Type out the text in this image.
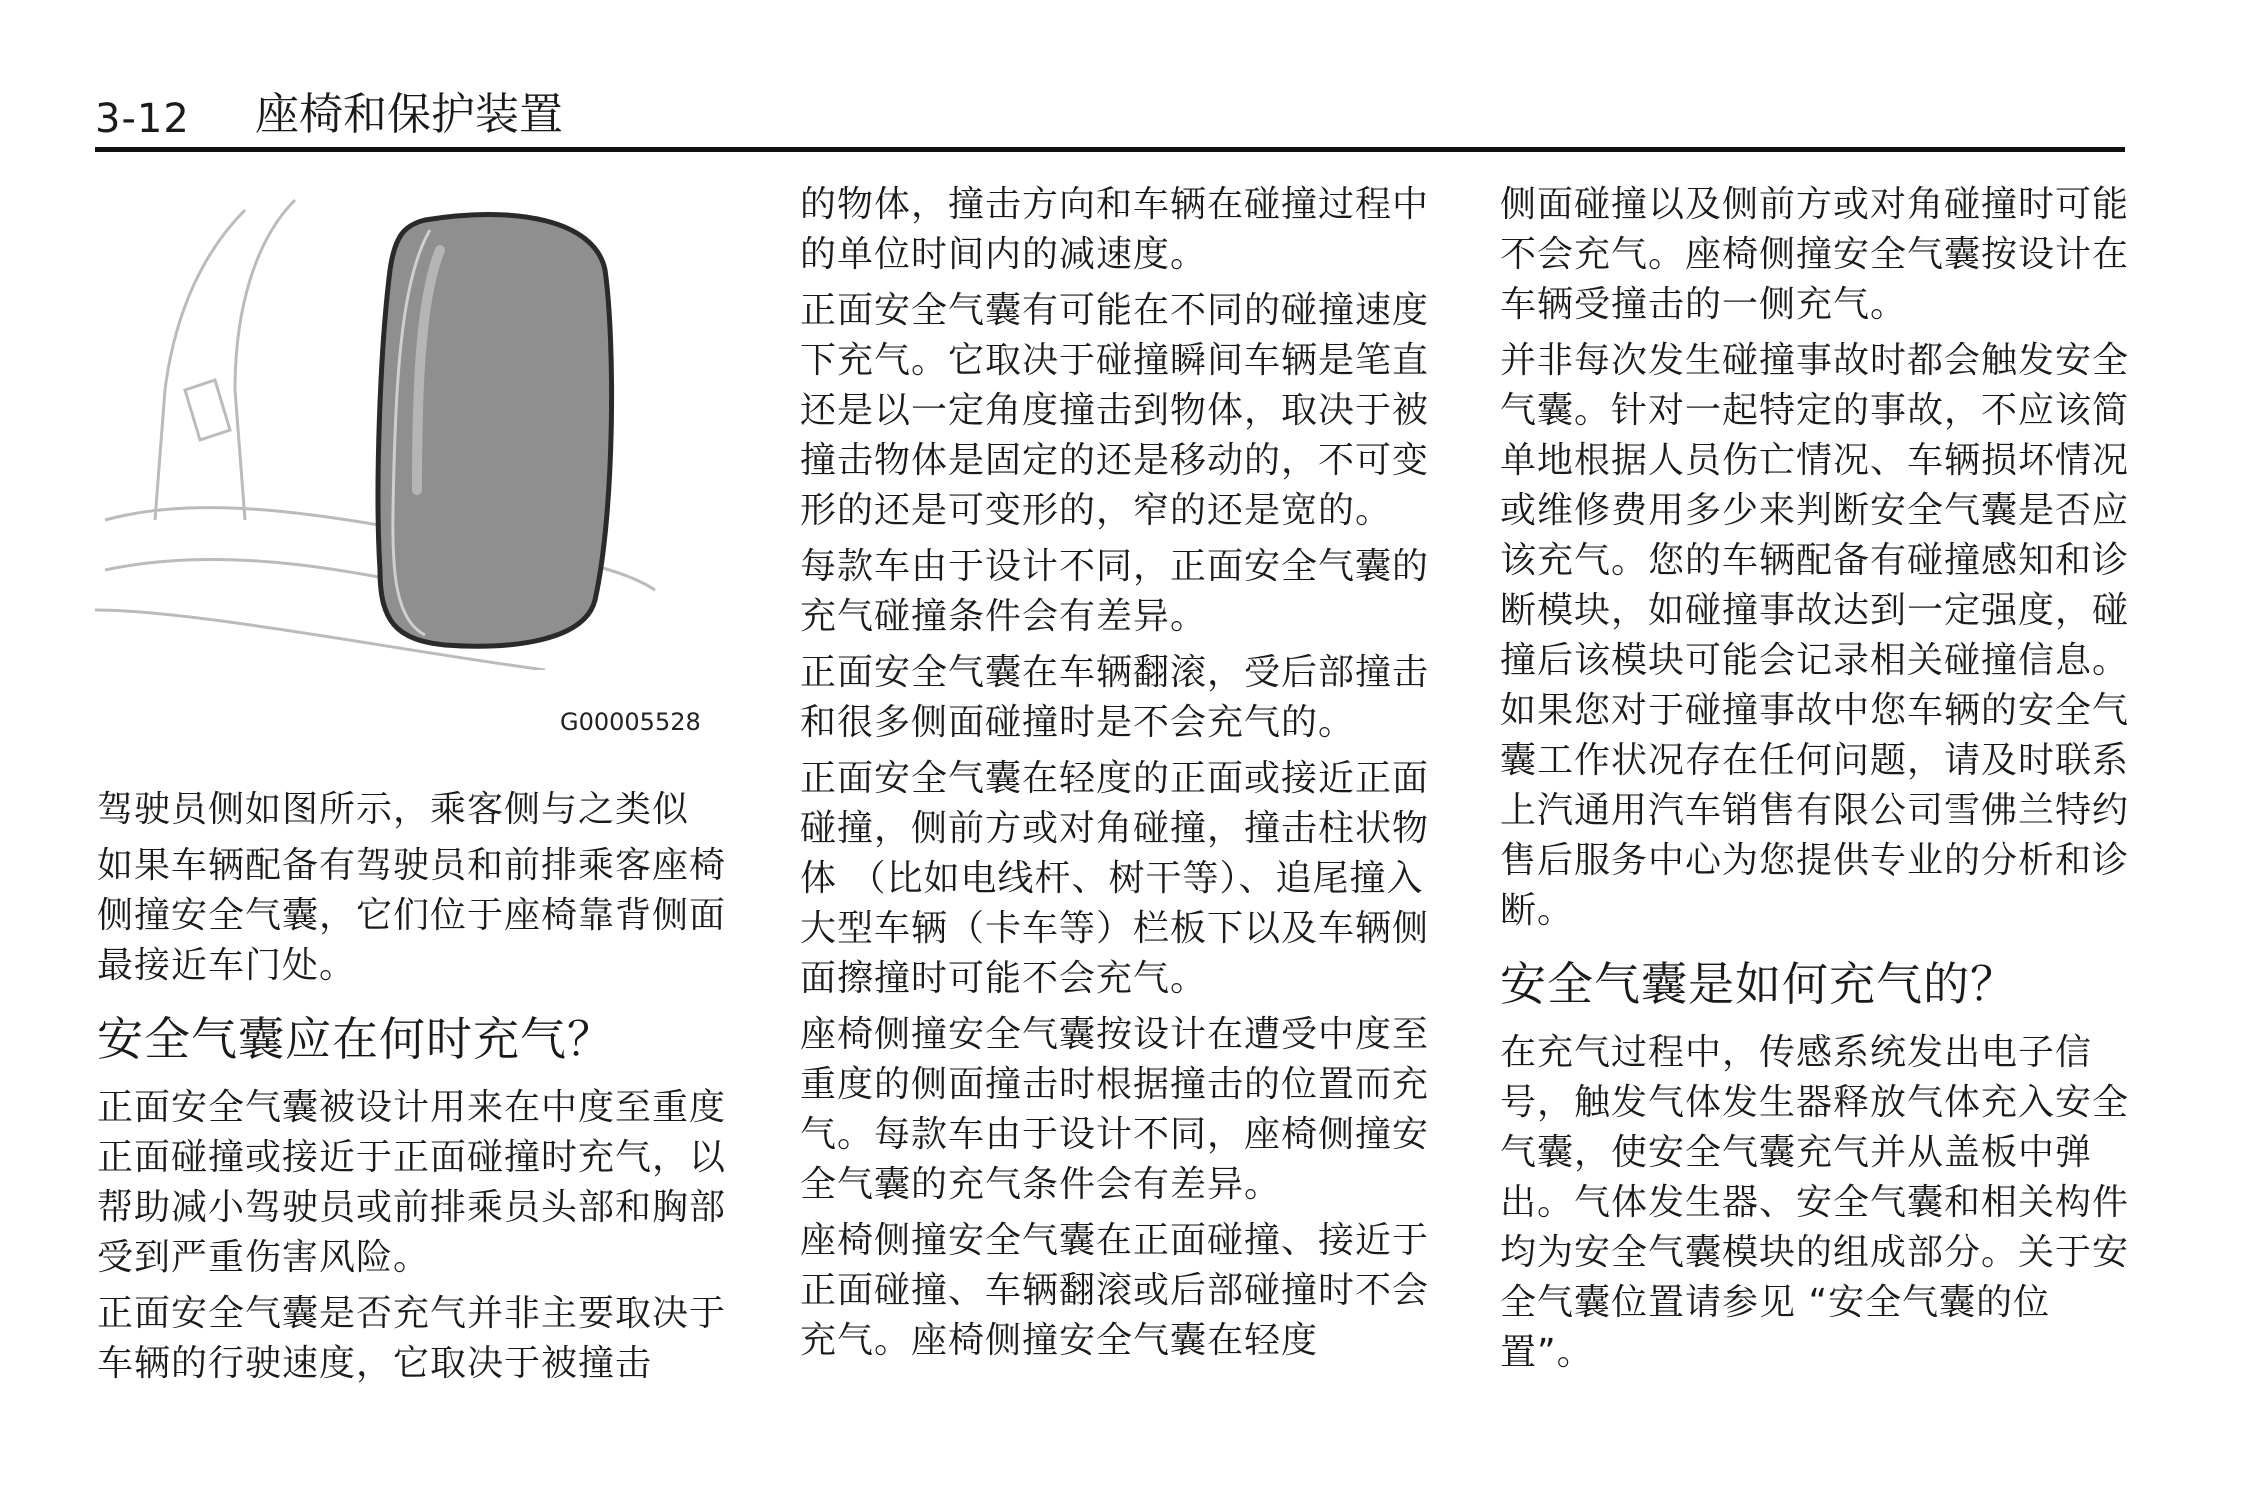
3-12	座椅和保护装置
G00005528

驾驶员侧如图所示，乘客侧与之类似

如果车辆配备有驾驶员和前排乘客座椅侧撞安全气囊，它们位于座椅靠背侧面最接近车门处。

安全气囊应在何时充气？

正面安全气囊被设计用来在中度至重度正面碰撞或接近于正面碰撞时充气，以帮助减小驾驶员或前排乘员头部和胸部受到严重伤害风险。

正面安全气囊是否充气并非主要取决于车辆的行驶速度，它取决于被撞击

的物体，撞击方向和车辆在碰撞过程中的单位时间内的减速度。

正面安全气囊有可能在不同的碰撞速度下充气。它取决于碰撞瞬间车辆是笔直还是以一定角度撞击到物体，取决于被撞击物体是固定的还是移动的，不可变形的还是可变形的，窄的还是宽的。

每款车由于设计不同，正面安全气囊的充气碰撞条件会有差异。

正面安全气囊在车辆翻滚，受后部撞击和很多侧面碰撞时是不会充气的。

正面安全气囊在轻度的正面或接近正面碰撞，侧前方或对角碰撞，撞击柱状物体 （比如电线杆、树干等）、追尾撞入大型车辆（卡车等）栏板下以及车辆侧面擦撞时可能不会充气。

座椅侧撞安全气囊按设计在遭受中度至重度的侧面撞击时根据撞击的位置而充气。每款车由于设计不同，座椅侧撞安全气囊的充气条件会有差异。

座椅侧撞安全气囊在正面碰撞、接近于正面碰撞、车辆翻滚或后部碰撞时不会充气。座椅侧撞安全气囊在轻度

侧面碰撞以及侧前方或对角碰撞时可能不会充气。座椅侧撞安全气囊按设计在车辆受撞击的一侧充气。

并非每次发生碰撞事故时都会触发安全气囊。针对一起特定的事故，不应该简单地根据人员伤亡情况、车辆损坏情况或维修费用多少来判断安全气囊是否应该充气。您的车辆配备有碰撞感知和诊断模块，如碰撞事故达到一定强度，碰撞后该模块可能会记录相关碰撞信息。如果您对于碰撞事故中您车辆的安全气囊工作状况存在任何问题，请及时联系上汽通用汽车销售有限公司雪佛兰特约售后服务中心为您提供专业的分析和诊断。

安全气囊是如何充气的？

在充气过程中，传感系统发出电子信号，触发气体发生器释放气体充入安全气囊，使安全气囊充气并从盖板中弹出。气体发生器、安全气囊和相关构件均为安全气囊模块的组成部分。关于安全气囊位置请参见 “安全气囊的位置”。
